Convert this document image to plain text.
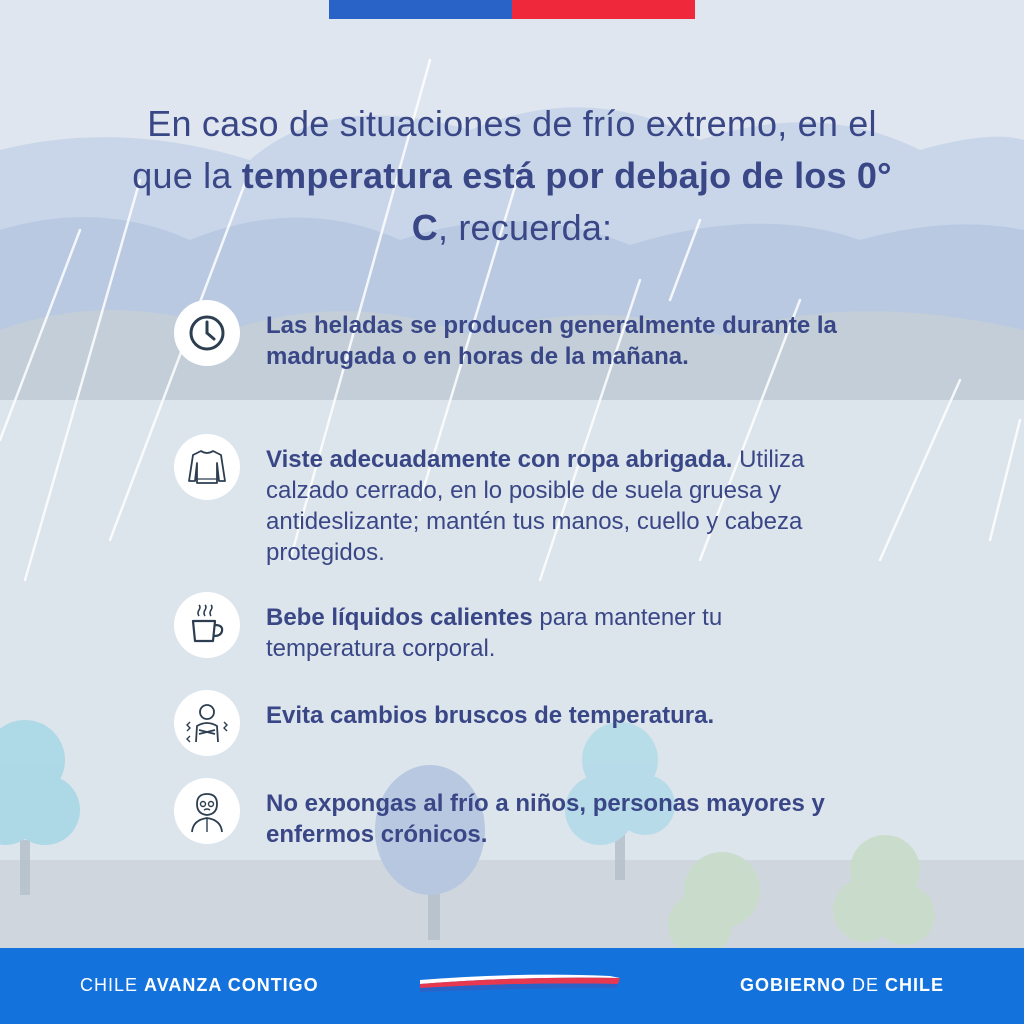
En caso de situaciones de frío extremo, en el que la temperatura está por debajo de los 0° C, recuerda:
Las heladas se producen generalmente durante la madrugada o en horas de la mañana.
Viste adecuadamente con ropa abrigada. Utiliza calzado cerrado, en lo posible de suela gruesa y antideslizante; mantén tus manos, cuello y cabeza protegidos.
Bebe líquidos calientes para mantener tu temperatura corporal.
Evita cambios bruscos de temperatura.
No expongas al frío a niños, personas mayores y enfermos crónicos.
CHILE AVANZA CONTIGO	GOBIERNO DE CHILE
